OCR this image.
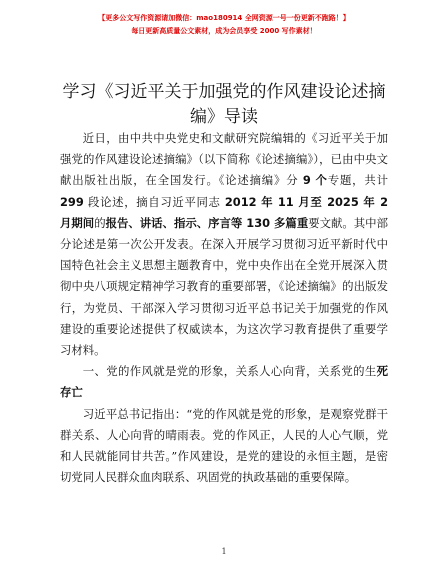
【更多公文写作资源请加微信：mao180914 全网资源一号一份更新不跑路！】
每日更新高质量公文素材，成为会员享受 2000 写作素材！
学习《习近平关于加强党的作风建设论述摘编》导读

近日，由中共中央党史和文献研究院编辑的《习近平关于加强党的作风建设论述摘编》（以下简称《论述摘编》），已由中央文献出版社出版，在全国发行。《论述摘编》分 9 个专题，共计 299 段论述，摘自习近平同志 2012 年 11 月至 2025 年 2 月期间的报告、讲话、指示、序言等 130 多篇重要文献。其中部分论述是第一次公开发表。在深入开展学习贯彻习近平新时代中国特色社会主义思想主题教育中，党中央作出在全党开展深入贯彻中央八项规定精神学习教育的重要部署，《论述摘编》的出版发行，为党员、干部深入学习贯彻习近平总书记关于加强党的作风建设的重要论述提供了权威读本，为这次学习教育提供了重要学习材料。

一、党的作风就是党的形象，关系人心向背，关系党的生死存亡

习近平总书记指出：“党的作风就是党的形象，是观察党群干群关系、人心向背的晴雨表。党的作风正，人民的人心气顺，党和人民就能同甘共苦。”作风建设，是党的建设的永恒主题，是密切党同人民群众血肉联系、巩固党的执政基础的重要保障。

1
